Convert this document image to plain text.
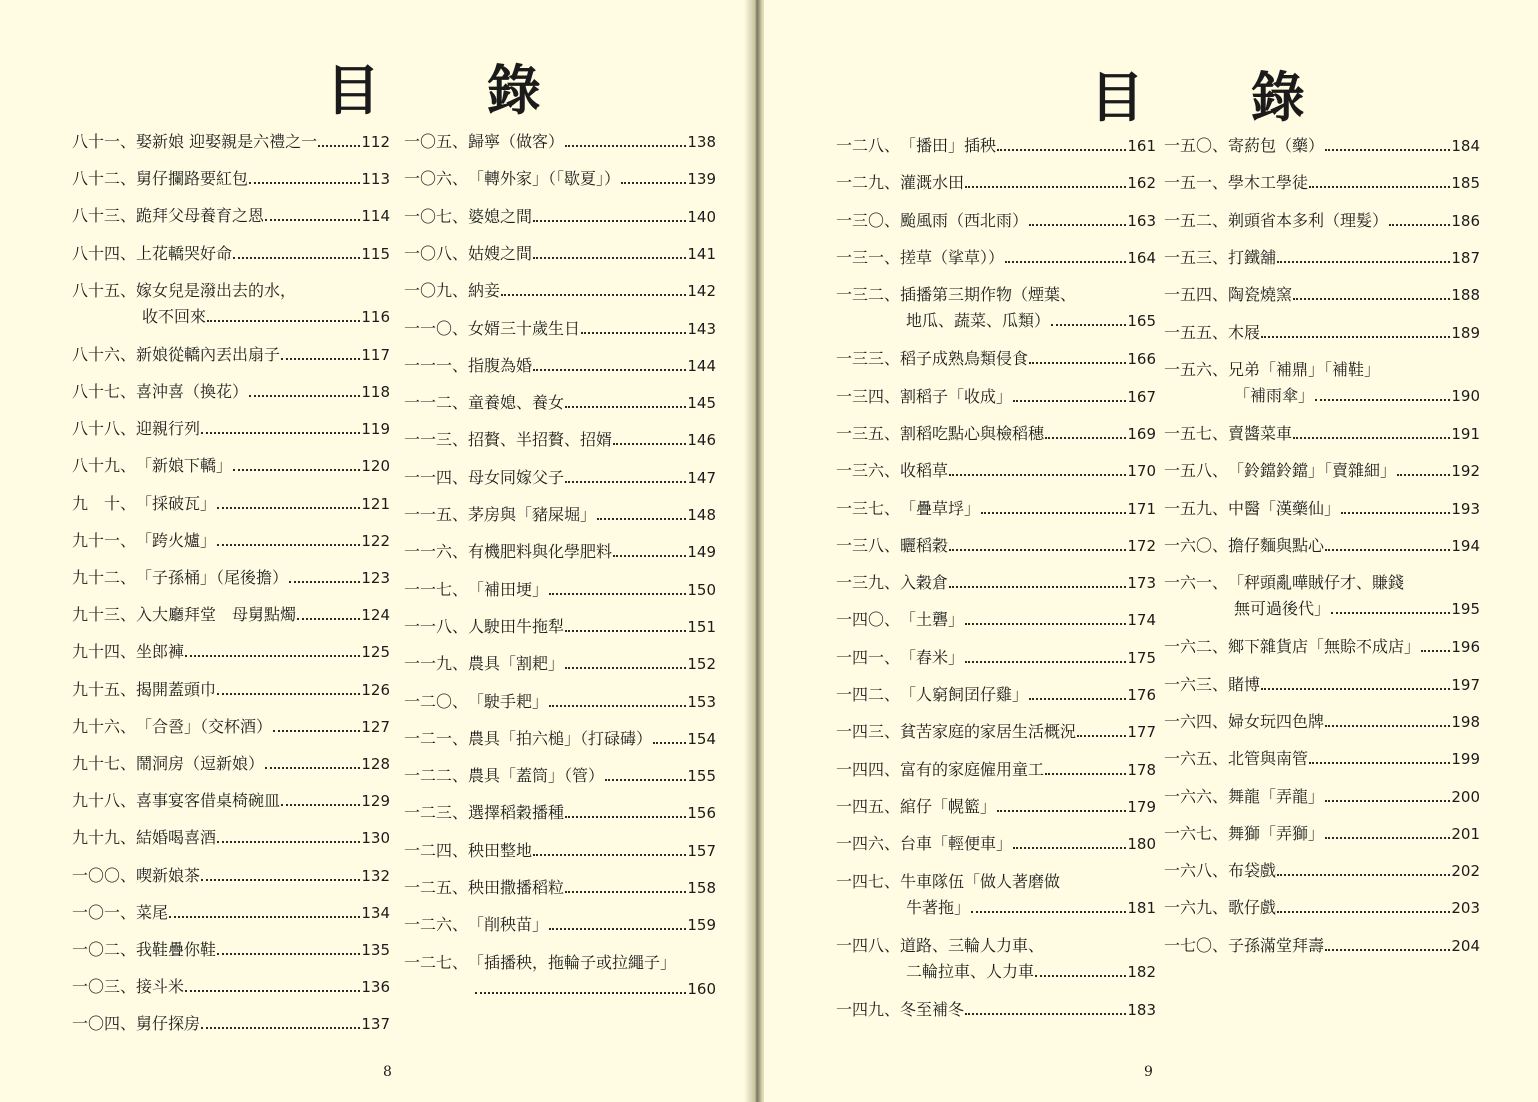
目 錄
八十一、 娶新娘 迎娶親是六禮之一	112
八十二、 舅仔攔路要紅包	113
八十三、 跪拜父母養育之恩	114
八十四、 上花轎哭好命	115
八十五、 嫁女兒是潑出去的水，
收不回來	116
八十六、 新娘從轎內丟出扇子	117
八十七、 喜沖喜（換花）	118
八十八、 迎親行列	119
八十九、 「新娘下轎」	120
九　十、 「採破瓦」	121
九十一、 「跨火爐」	122
九十二、 「子孫桶」（尾後擔）	123
九十三、 入大廳拜堂　母舅點燭	124
九十四、 坐郎褲	125
九十五、 揭開蓋頭巾	126
九十六、 「合巹」（交杯酒）	127
九十七、 鬧洞房（逗新娘）	128
九十八、 喜事宴客借桌椅碗皿	129
九十九、 結婚喝喜酒	130
一〇〇、 喫新娘茶	132
一〇一、 菜尾	134
一〇二、 我鞋疊你鞋	135
一〇三、 接斗米	136
一〇四、 舅仔探房	137
一〇五、 歸寧（做客）	138
一〇六、 「轉外家」（「歇夏」）	139
一〇七、 婆媳之間	140
一〇八、 姑嫂之間	141
一〇九、 納妾	142
一一〇、 女婿三十歲生日	143
一一一、 指腹為婚	144
一一二、 童養媳、養女	145
一一三、 招贅、半招贅、招婿	146
一一四、 母女同嫁父子	147
一一五、 茅房與「豬屎堀」	148
一一六、 有機肥料與化學肥料	149
一一七、 「補田埂」	150
一一八、 人駛田牛拖犁	151
一一九、 農具「割耙」	152
一二〇、 「駛手耙」	153
一二一、 農具「拍六槌」（打碌碡） 154
一二二、 農具「蓋筒」（管）	155
一二三、 選擇稻穀播種	156
一二四、 秧田整地	157
一二五、 秧田撒播稻粒	158
一二六、 「削秧苗」	159
一二七、 「插播秧，拖輪子或拉繩子」
160
8
目 錄
一二八、 「播田」插秧	161
一二九、 灌溉水田	162
一三〇、 颱風雨（西北雨）	163
一三一、 搓草（挲草））	164
一三二、 插播第三期作物（煙葉、
地瓜、蔬菜、瓜類）	165
一三三、 稻子成熟鳥類侵食	166
一三四、 割稻子「收成」	167
一三五、 割稻吃點心與檢稻穗	169
一三六、 收稻草	170
一三七、 「疊草垺」	171
一三八、 曬稻穀	172
一三九、 入穀倉	173
一四〇、 「土礱」	174
一四一、 「舂米」	175
一四二、 「人窮飼囝仔雞」	176
一四三、 貧苦家庭的家居生活概況	177
一四四、 富有的家庭僱用童工	178
一四五、 綰仔「幌籃」	179
一四六、 台車「輕便車」	180
一四七、 牛車隊伍「做人著磨做
牛著拖」	181
一四八、 道路、三輪人力車、
二輪拉車、人力車	182
一四九、 冬至補冬	183
一五〇、 寄葯包（藥）	184
一五一、 學木工學徒	185
一五二、 剃頭省本多利（理髮）	186
一五三、 打鐵舖	187
一五四、 陶瓷燒窯	188
一五五、 木屐	189
一五六、 兄弟「補鼎」「補鞋」
「補雨傘」	190
一五七、 賣醬菜車	191
一五八、 「鈴鐺鈴鐺」「賣雜細」	192
一五九、 中醫「漢藥仙」	193
一六〇、 擔仔麵與點心	194
一六一、 「秤頭亂嘩賊仔才、賺錢
無可過後代」	195
一六二、 鄉下雜貨店「無賒不成店」 196
一六三、 賭博	197
一六四、 婦女玩四色牌	198
一六五、 北管與南管	199
一六六、 舞龍「弄龍」	200
一六七、 舞獅「弄獅」	201
一六八、 布袋戲	202
一六九、 歌仔戲	203
一七〇、 子孫滿堂拜壽	204
9
